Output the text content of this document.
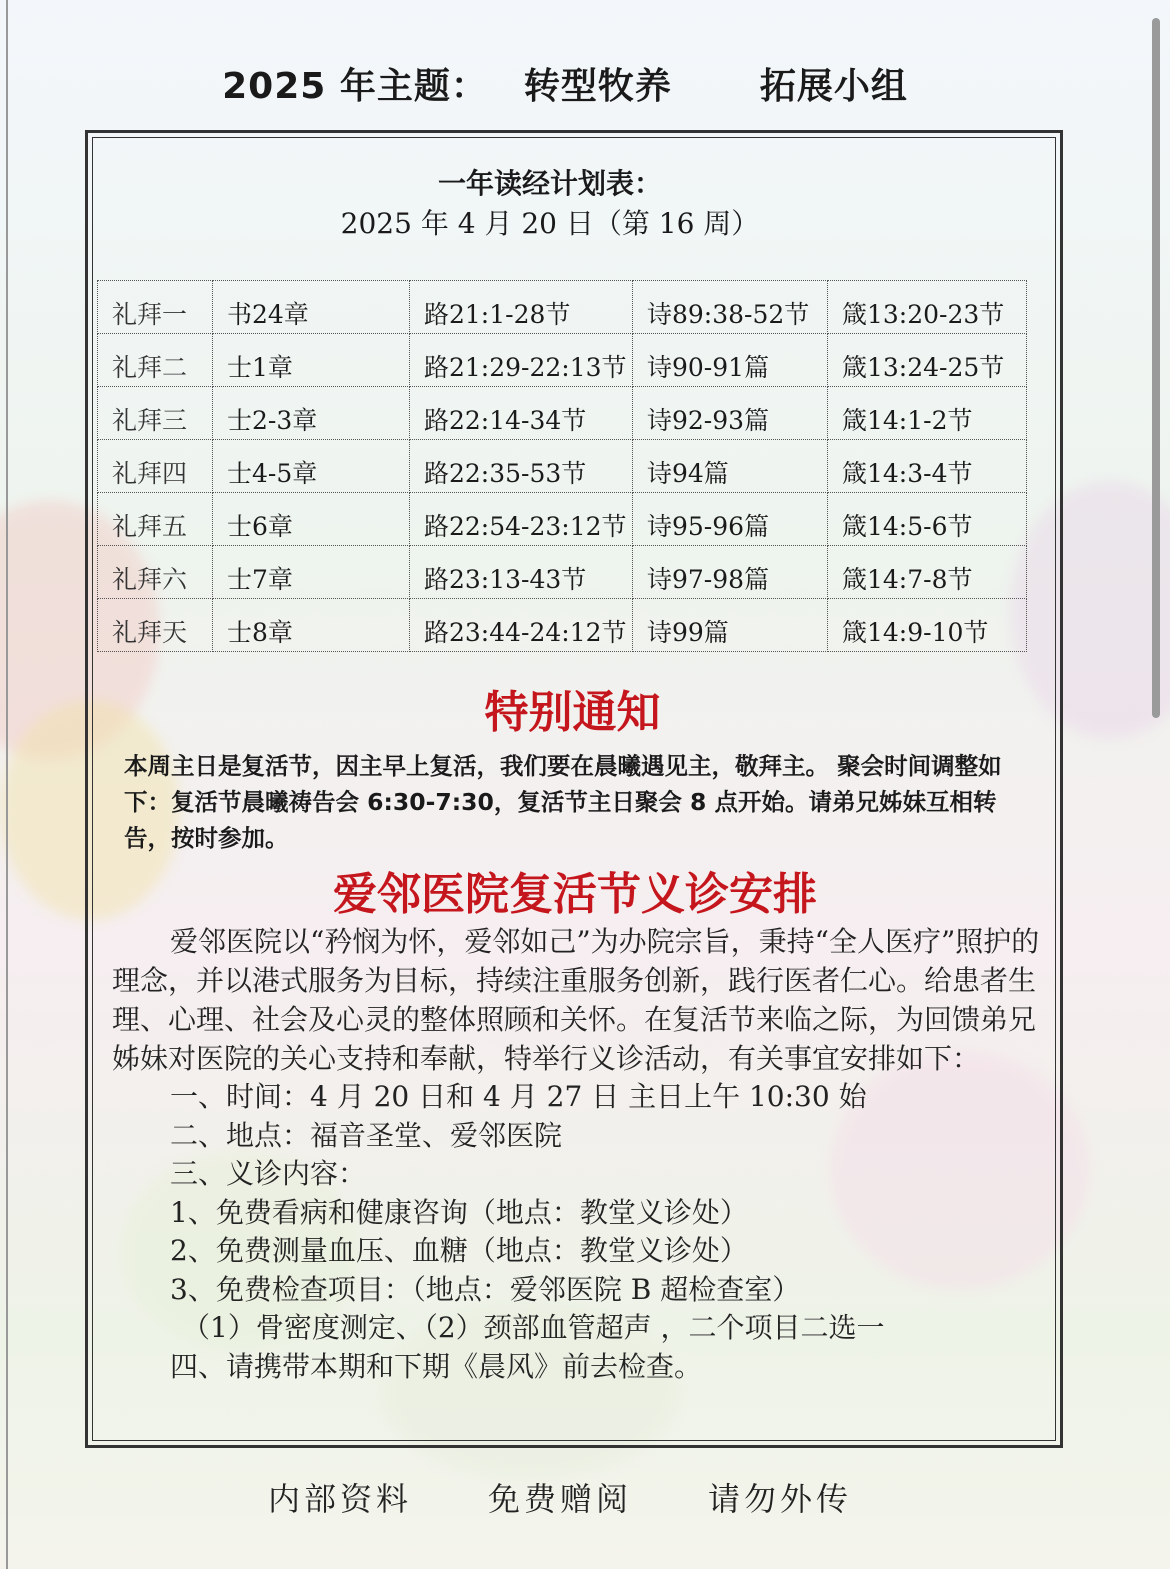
2025 年主题： 转型牧养 拓展小组
一年读经计划表：
2025 年 4 月 20 日（第 16 周）
礼拜一	书24章	路21:1-28节	诗89:38-52节	箴13:20-23节
礼拜二	士1章	路21:29-22:13节	诗90-91篇	箴13:24-25节
礼拜三	士2-3章	路22:14-34节	诗92-93篇	箴14:1-2节
礼拜四	士4-5章	路22:35-53节	诗94篇	箴14:3-4节
礼拜五	士6章	路22:54-23:12节	诗95-96篇	箴14:5-6节
礼拜六	士7章	路23:13-43节	诗97-98篇	箴14:7-8节
礼拜天	士8章	路23:44-24:12节	诗99篇	箴14:9-10节
特别通知
本周主日是复活节，因主早上复活，我们要在晨曦遇见主，敬拜主。 聚会时间调整如下：复活节晨曦祷告会 6:30-7:30，复活节主日聚会 8 点开始。请弟兄姊妹互相转告，按时参加。
爱邻医院复活节义诊安排

爱邻医院以“矜悯为怀，爱邻如己”为办院宗旨，秉持“全人医疗”照护的理念，并以港式服务为目标，持续注重服务创新，践行医者仁心。给患者生理、心理、社会及心灵的整体照顾和关怀。在复活节来临之际，为回馈弟兄姊妹对医院的关心支持和奉献，特举行义诊活动，有关事宜安排如下：

一、时间：4 月 20 日和 4 月 27 日 主日上午 10:30 始
二、地点：福音圣堂、爱邻医院
三、义诊内容：
1、免费看病和健康咨询（地点：教堂义诊处）
2、免费测量血压、血糖（地点：教堂义诊处）
3、免费检查项目：（地点：爱邻医院 B 超检查室）
（1）骨密度测定、（2）颈部血管超声 ，二个项目二选一
四、请携带本期和下期《晨风》前去检查。
内部资料 免费赠阅 请勿外传
